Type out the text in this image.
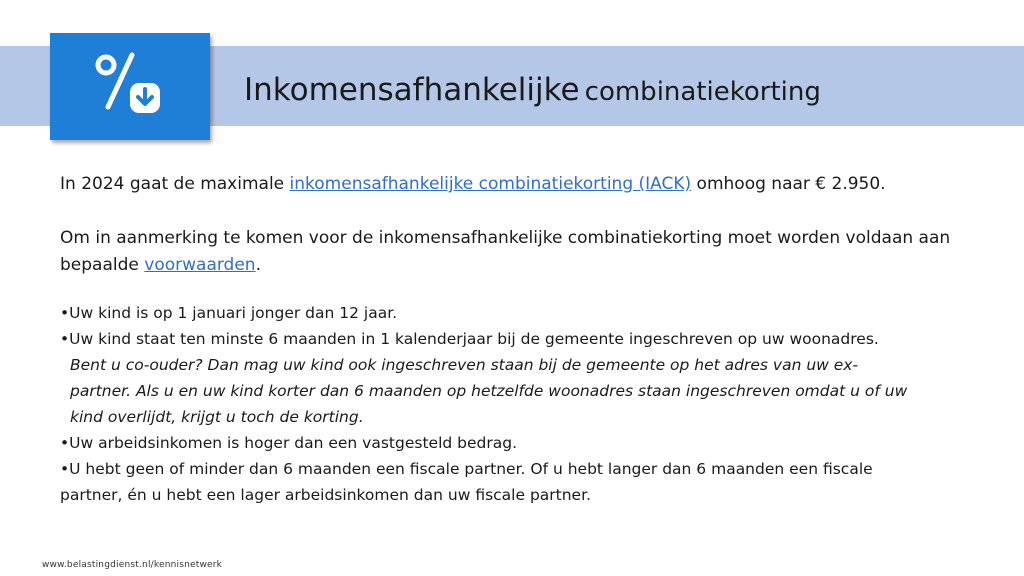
Inkomensafhankelijke combinatiekorting
In 2024 gaat de maximale inkomensafhankelijke combinatiekorting (IACK) omhoog naar € 2.950.
Om in aanmerking te komen voor de inkomensafhankelijke combinatiekorting moet worden voldaan aan bepaalde voorwaarden.
•Uw kind is op 1 januari jonger dan 12 jaar.
•Uw kind staat ten minste 6 maanden in 1 kalenderjaar bij de gemeente ingeschreven op uw woonadres.
Bent u co-ouder? Dan mag uw kind ook ingeschreven staan bij de gemeente op het adres van uw ex-
partner. Als u en uw kind korter dan 6 maanden op hetzelfde woonadres staan ingeschreven omdat u of uw
kind overlijdt, krijgt u toch de korting.
•Uw arbeidsinkomen is hoger dan een vastgesteld bedrag.
•U hebt geen of minder dan 6 maanden een fiscale partner. Of u hebt langer dan 6 maanden een fiscale
partner, én u hebt een lager arbeidsinkomen dan uw fiscale partner.
www.belastingdienst.nl/kennisnetwerk
